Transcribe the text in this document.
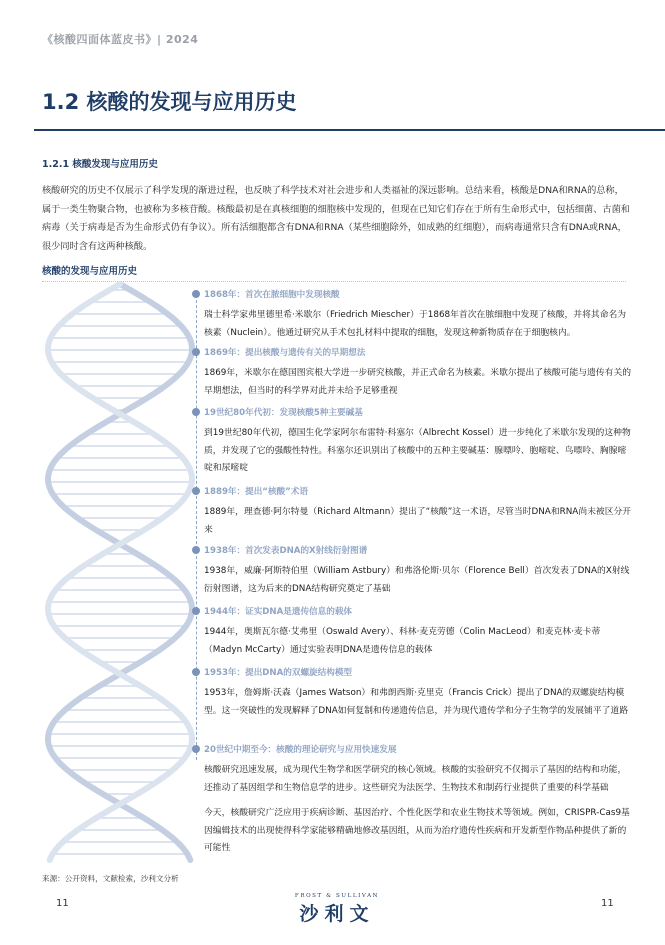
《核酸四面体蓝皮书》| 2024
1.2 核酸的发现与应用历史
1.2.1 核酸发现与应用历史

核酸研究的历史不仅展示了科学发现的渐进过程，也反映了科学技术对社会进步和人类福祉的深远影响。总结来看，核酸是DNA和RNA的总称，属于一类生物聚合物，也被称为多核苷酸。核酸最初是在真核细胞的细胞核中发现的，但现在已知它们存在于所有生命形式中，包括细菌、古菌和病毒（关于病毒是否为生命形式仍有争议）。所有活细胞都含有DNA和RNA（某些细胞除外，如成熟的红细胞），而病毒通常只含有DNA或RNA，很少同时含有这两种核酸。

核酸的发现与应用历史
1868年：首次在脓细胞中发现核酸
瑞士科学家弗里德里希·米歇尔（Friedrich Miescher）于1868年首次在脓细胞中发现了核酸，并将其命名为核素（Nuclein）。他通过研究从手术包扎材料中提取的细胞，发现这种新物质存在于细胞核内。
1869年：提出核酸与遗传有关的早期想法
1869年，米歇尔在德国图宾根大学进一步研究核酸，并正式命名为核素。米歇尔提出了核酸可能与遗传有关的早期想法，但当时的科学界对此并未给予足够重视
19世纪80年代初：发现核酸5种主要碱基
到19世纪80年代初，德国生化学家阿尔布雷特·科塞尔（Albrecht Kossel）进一步纯化了米歇尔发现的这种物质，并发现了它的强酸性特性。科塞尔还识别出了核酸中的五种主要碱基：腺嘌呤、胞嘧啶、鸟嘌呤、胸腺嘧啶和尿嘧啶
1889年：提出“核酸”术语
1889年，理查德·阿尔特曼（Richard Altmann）提出了“核酸”这一术语，尽管当时DNA和RNA尚未被区分开来
1938年：首次发表DNA的X射线衍射图谱
1938年，威廉·阿斯特伯里（William Astbury）和弗洛伦斯·贝尔（Florence Bell）首次发表了DNA的X射线衍射图谱，这为后来的DNA结构研究奠定了基础
1944年：证实DNA是遗传信息的载体
1944年，奥斯瓦尔德·艾弗里（Oswald Avery）、科林·麦克劳德（Colin MacLeod）和麦克林·麦卡蒂（Madyn McCarty）通过实验表明DNA是遗传信息的载体
1953年：提出DNA的双螺旋结构模型
1953年，詹姆斯·沃森（James Watson）和弗朗西斯·克里克（Francis Crick）提出了DNA的双螺旋结构模型。这一突破性的发现解释了DNA如何复制和传递遗传信息，并为现代遗传学和分子生物学的发展铺平了道路
20世纪中期至今：核酸的理论研究与应用快速发展
核酸研究迅速发展，成为现代生物学和医学研究的核心领域。核酸的实验研究不仅揭示了基因的结构和功能，还推动了基因组学和生物信息学的进步。这些研究为法医学、生物技术和制药行业提供了重要的科学基础
今天，核酸研究广泛应用于疾病诊断、基因治疗、个性化医学和农业生物技术等领域。例如，CRISPR-Cas9基因编辑技术的出现使得科学家能够精确地修改基因组，从而为治疗遗传性疾病和开发新型作物品种提供了新的可能性
来源：公开资料，文献检索，沙利文分析
11
FROST & SULLIVAN
沙利文	11
